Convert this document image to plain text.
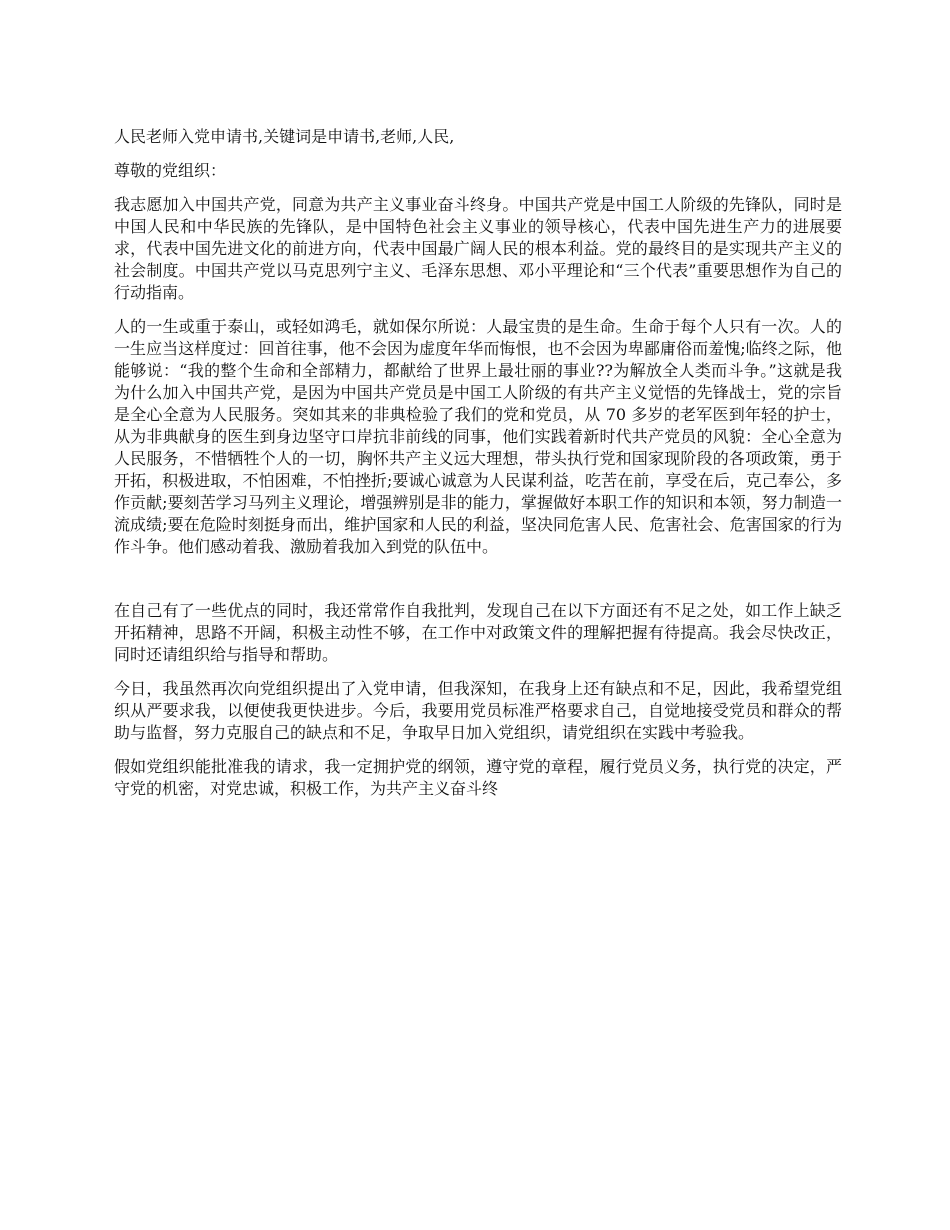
人民老师入党申请书,关键词是申请书,老师,人民,

尊敬的党组织：

我志愿加入中国共产党，同意为共产主义事业奋斗终身。中国共产党是中国工人阶级的先锋队，同时是中国人民和中华民族的先锋队，是中国特色社会主义事业的领导核心，代表中国先进生产力的进展要求，代表中国先进文化的前进方向，代表中国最广阔人民的根本利益。党的最终目的是实现共产主义的社会制度。中国共产党以马克思列宁主义、毛泽东思想、邓小平理论和“三个代表”重要思想作为自己的行动指南。

人的一生或重于泰山，或轻如鸿毛，就如保尔所说：人最宝贵的是生命。生命于每个人只有一次。人的一生应当这样度过：回首往事，他不会因为虚度年华而悔恨，也不会因为卑鄙庸俗而羞愧;临终之际，他能够说：“我的整个生命和全部精力，都献给了世界上最壮丽的事业??为解放全人类而斗争。”这就是我为什么加入中国共产党，是因为中国共产党员是中国工人阶级的有共产主义觉悟的先锋战士，党的宗旨是全心全意为人民服务。突如其来的非典检验了我们的党和党员，从 70 多岁的老军医到年轻的护士，从为非典献身的医生到身边坚守口岸抗非前线的同事，他们实践着新时代共产党员的风貌：全心全意为人民服务，不惜牺牲个人的一切，胸怀共产主义远大理想，带头执行党和国家现阶段的各项政策，勇于开拓，积极进取，不怕困难，不怕挫折;要诚心诚意为人民谋利益，吃苦在前，享受在后，克己奉公，多作贡献;要刻苦学习马列主义理论，增强辨别是非的能力，掌握做好本职工作的知识和本领，努力制造一流成绩;要在危险时刻挺身而出，维护国家和人民的利益，坚决同危害人民、危害社会、危害国家的行为作斗争。他们感动着我、激励着我加入到党的队伍中。

在自己有了一些优点的同时，我还常常作自我批判，发现自己在以下方面还有不足之处，如工作上缺乏开拓精神，思路不开阔，积极主动性不够，在工作中对政策文件的理解把握有待提高。我会尽快改正，同时还请组织给与指导和帮助。

今日，我虽然再次向党组织提出了入党申请，但我深知，在我身上还有缺点和不足，因此，我希望党组织从严要求我，以便使我更快进步。今后，我要用党员标准严格要求自己，自觉地接受党员和群众的帮助与监督，努力克服自己的缺点和不足，争取早日加入党组织，请党组织在实践中考验我。

假如党组织能批准我的请求，我一定拥护党的纲领，遵守党的章程，履行党员义务，执行党的决定，严守党的机密，对党忠诚，积极工作，为共产主义奋斗终
